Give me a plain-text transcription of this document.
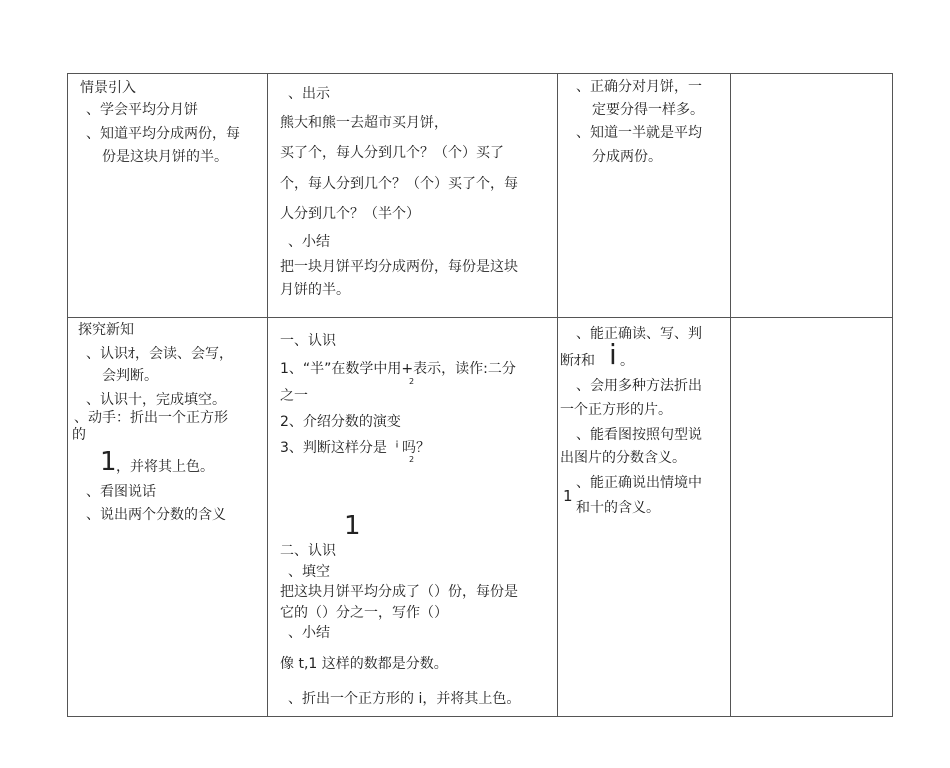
情景引入
、学会平均分月饼
、知道平均分成两份，每
份是这块月饼的半。
、出示
熊大和熊一去超市买月饼，
买了个，每人分到几个？（个）买了
个，每人分到几个？（个）买了个，每
人分到几个？（半个）
、小结
把一块月饼平均分成两份，每份是这块
月饼的半。
、正确分对月饼，一
定要分得一样多。
、知道一半就是平均
分成两份。
探究新知
、认识ｵ，会读、会写，
会判断。
、认识十，完成填空。
、动手：折出一个正方形
的
1 ，并将其上色。
、看图说话
、说出两个分数的含义
一、认识
1、“半”在数学中用+表示，读作:二分
2
之一
2、介绍分数的演变
3、判断这样分是 ¡ 吗？
2
1
二、认识
、填空
把这块月饼平均分成了（）份，每份是
它的（）分之一，写作（）
、小结
像 t,1 这样的数都是分数。
、折出一个正方形的 i，并将其上色。
、能正确读、写、判
断ｵ和 i 。
、会用多种方法折出
一个正方形的片。
、能看图按照句型说
出图片的分数含义。
、能正确说出情境中
1
和十的含义。
